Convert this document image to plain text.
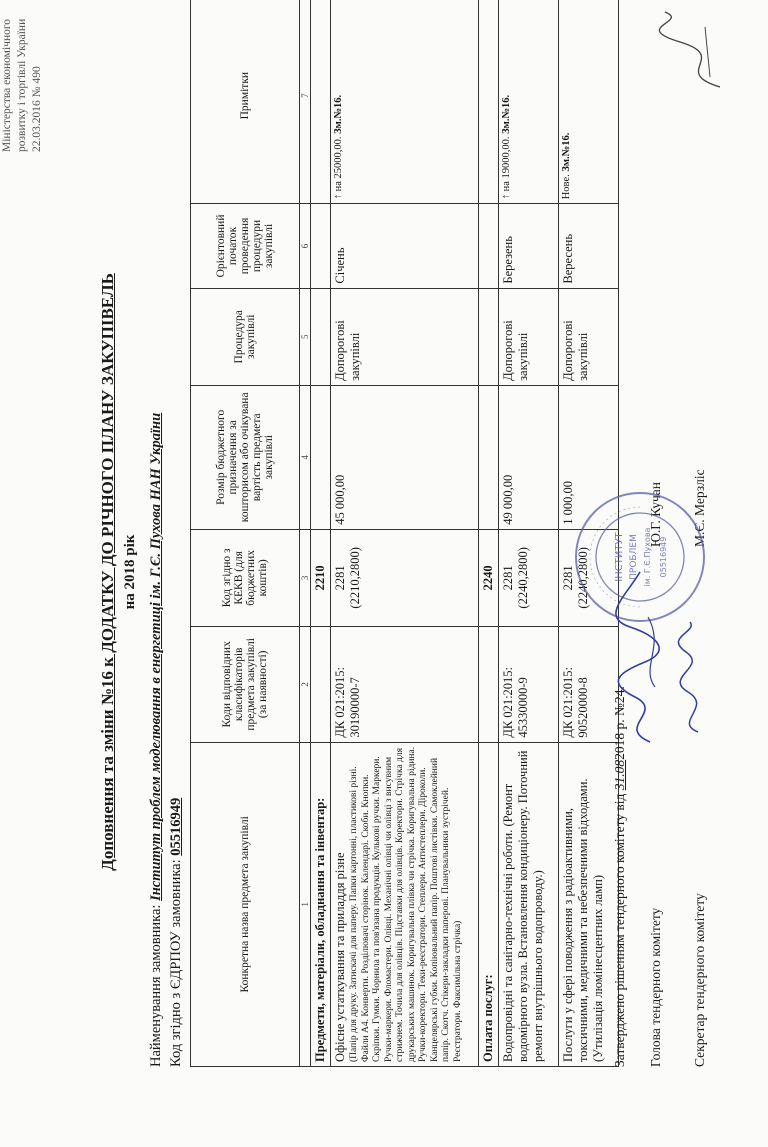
Міністерства економічного розвитку і торгівлі України 22.03.2016 № 490
Доповнення та зміни №16 к ДОДАТКУ ДО РІЧНОГО ПЛАНУ ЗАКУПІВЕЛЬ на 2018 рік
Найменування замовника: Інститут проблем моделювання в енергетиці ім. Г.Є. Пухова НАН України
Код згідно з ЄДРПОУ замовника: 05516949	Конкретна назва предмета закупівлі	Коди відповідних класифікаторів предмета закупівлі (за наявності)	Код згідно з КЕКВ (для бюджетних коштів)	Розмір бюджетного призначення за кошторисом або очікувана вартість предмета закупівлі	Процедура закупівлі	Орієнтовний початок проведення процедури закупівлі	Примітки
1	2	3	4	5	6	7
Предмети, матеріали, обладнання та інвентар:		2210				
Офісне устаткування та приладдя різне (Папір для друку. Затискачі для паперу. Папки картонні, пластикові різні. Файли А4. Конверти. Розділювачі сторінок. Календарі. Скоби. Кнопки. Скріпки. Гумки. Чорнила та пов'язана продукція. Кулькові ручки. Маркери. Ручки-маркери. Фломастери. Олівці. Механічні олівці чи олівці з висувним стрижнем. Точила для олівців. Підставки для олівців. Коректори. Стрічка для друкарських машинок. Коригувальна плівка чи стрічка. Коригувальна рідина. Ручки-коректори. Теки-реєстратори. Степлери. Антистеплери. Діроколи. Канцелярські губки. Копіювальний папір. Поштові листівки. Самоклейний папір. Скотч. Стікери-закладки паперові. Планувальники зустрічей. Реєстратори. Факсимільна стрічка)	ДК 021:2015: 30190000-7	2281 (2210,2800)	45 000,00	Допорогові закупівлі	Січень	↑ на 25000,00. Зм.№16.
Оплата послуг:		2240				
Водопровідні та санітарно-технічні роботи. (Ремонт водомірного вузла. Встановлення кондиціонеру. Поточний ремонт внутрішнього водопроводу.)	ДК 021:2015: 45330000-9	2281 (2240,2800)	49 000,00	Допорогові закупівлі	Березень	↑ на 19000,00. Зм.№16.
Послуги у сфері поводження з радіоактивними, токсичними, медичними та небезпечними відходами. (Утилізація люмінесцентних ламп)	ДК 021:2015: 90520000-8	2281 (2240,2800)	1 000,00	Допорогові закупівлі	Вересень	Нове. Зм.№16.
Затверджено рішенням тендерного комітету від 31.082018 р. №24.
Голова тендерного комітету
Ю.Г. Кучан
Секретар тендерного комітету
М.Є. Мерзліс
ІНСТИТУТ ПРОБЛЕМ ім. Г.Є.Пухова 05516949
